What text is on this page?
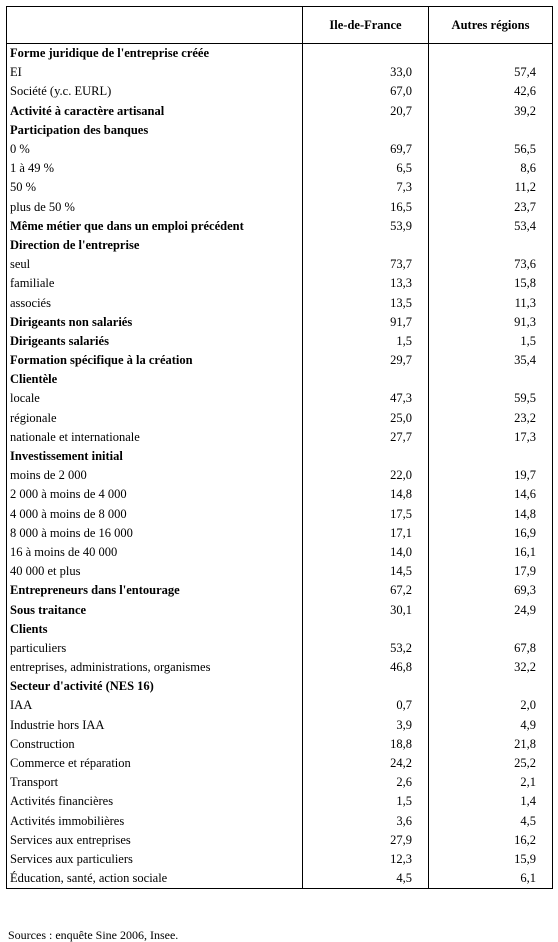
	Ile-de-France	Autres régions
Forme juridique de l'entreprise créée		
EI	33,0	57,4
Société (y.c. EURL)	67,0	42,6
Activité à caractère artisanal	20,7	39,2
Participation des banques		
0 %	69,7	56,5
1 à 49 %	6,5	8,6
50 %	7,3	11,2
plus de 50 %	16,5	23,7
Même métier que dans un emploi précédent	53,9	53,4
Direction de l'entreprise		
seul	73,7	73,6
familiale	13,3	15,8
associés	13,5	11,3
Dirigeants non salariés	91,7	91,3
Dirigeants salariés	1,5	1,5
Formation spécifique à la création	29,7	35,4
Clientèle		
locale	47,3	59,5
régionale	25,0	23,2
nationale et internationale	27,7	17,3
Investissement initial		
moins de 2 000	22,0	19,7
2 000 à moins de 4 000	14,8	14,6
4 000 à moins de 8 000	17,5	14,8
8 000 à moins de 16 000	17,1	16,9
16 à moins de 40 000	14,0	16,1
40 000 et plus	14,5	17,9
Entrepreneurs dans l'entourage	67,2	69,3
Sous traitance	30,1	24,9
Clients		
particuliers	53,2	67,8
entreprises, administrations, organismes	46,8	32,2
Secteur d'activité (NES 16)		
IAA	0,7	2,0
Industrie hors IAA	3,9	4,9
Construction	18,8	21,8
Commerce et réparation	24,2	25,2
Transport	2,6	2,1
Activités financières	1,5	1,4
Activités immobilières	3,6	4,5
Services aux entreprises	27,9	16,2
Services aux particuliers	12,3	15,9
Éducation, santé, action sociale	4,5	6,1
Sources : enquête Sine 2006, Insee.
